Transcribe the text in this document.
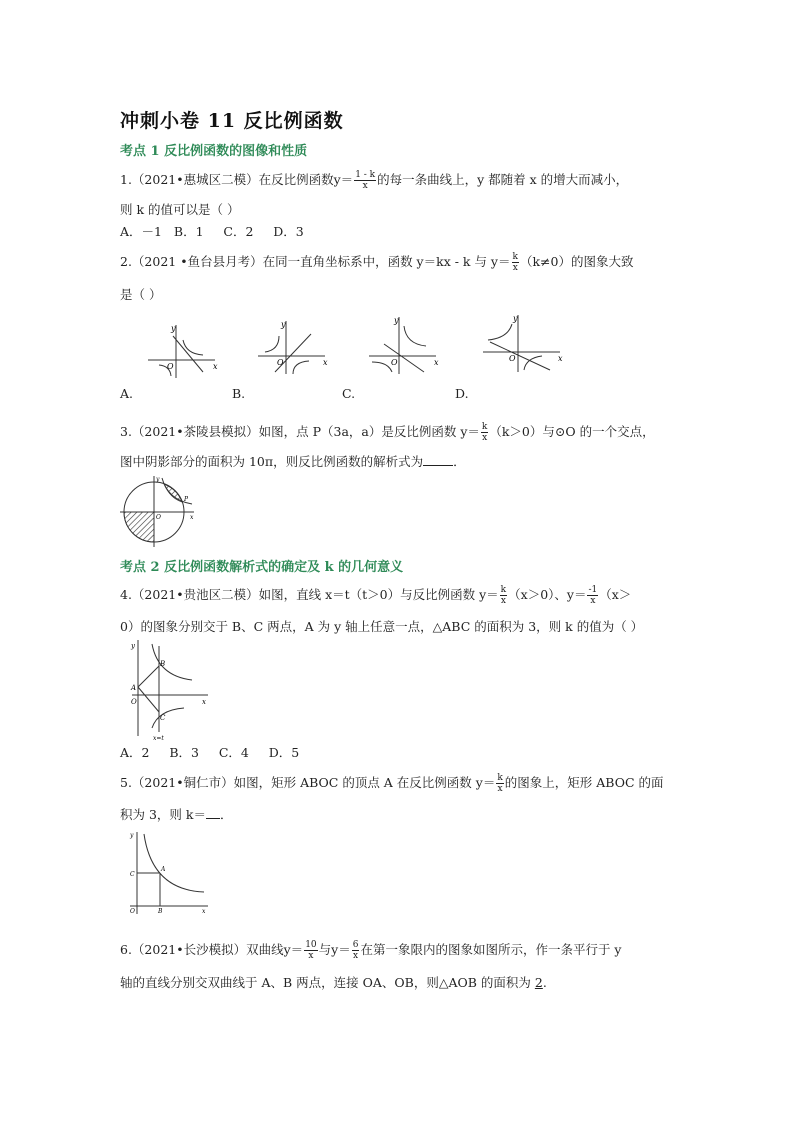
冲刺小卷 11 反比例函数
考点 1 反比例函数的图像和性质
1.（2021•惠城区二模）在反比例函数$y= \frac{1 - k}{x}$ 的每一条曲线上，y 都随着 x 的增大而减小，
则 k 的值可以是（ ）
A．－1   B．1     C．2     D．3
2.（2021 •鱼台县月考）在同一直角坐标系中，函数 y＝kx - k 与 $y= \frac{k}{x} (k\ne 0)$的图象大致
是（ ）
A.
y
x
O
B.
y
x
O
C.
y
x
O
D.
y
x
O
3.（2021•茶陵县模拟）如图，点 P（3a，a）是反比例函数 $y= \frac{k}{x} (k>0)$与⊙O 的一个交点，
图中阴影部分的面积为 10π，则反比例函数的解析式为 ．
P
O
y
x
考点 2 反比例函数解析式的确定及 k 的几何意义
4.（2021•贵池区二模）如图，直线 x＝t（t＞0）与反比例函数 $y= \frac{k}{x} (x>0)$、$y= \frac{-1}{x} (x>$
0）的图象分别交于 B、C 两点，A 为 y 轴上任意一点，△ABC 的面积为 3，则 k 的值为（ ）
y
A
O
B
C
x
x=t
A．2     B．3     C．4     D．5
5.（2021•铜仁市）如图，矩形 ABOC 的顶点 A 在反比例函数 $y= \frac{k}{x}$ 的图象上，矩形 ABOC 的面
积为 3，则 k＝ ．
y
C
A
O	B	x
6.（2021•长沙模拟）双曲线$y= \frac{10}{x}$ 与$y= \frac{6}{x}$ 在第一象限内的图象如图所示，作一条平行于 y
轴的直线分别交双曲线于 A、B 两点，连接 OA、OB，则△AOB 的面积为 2.
